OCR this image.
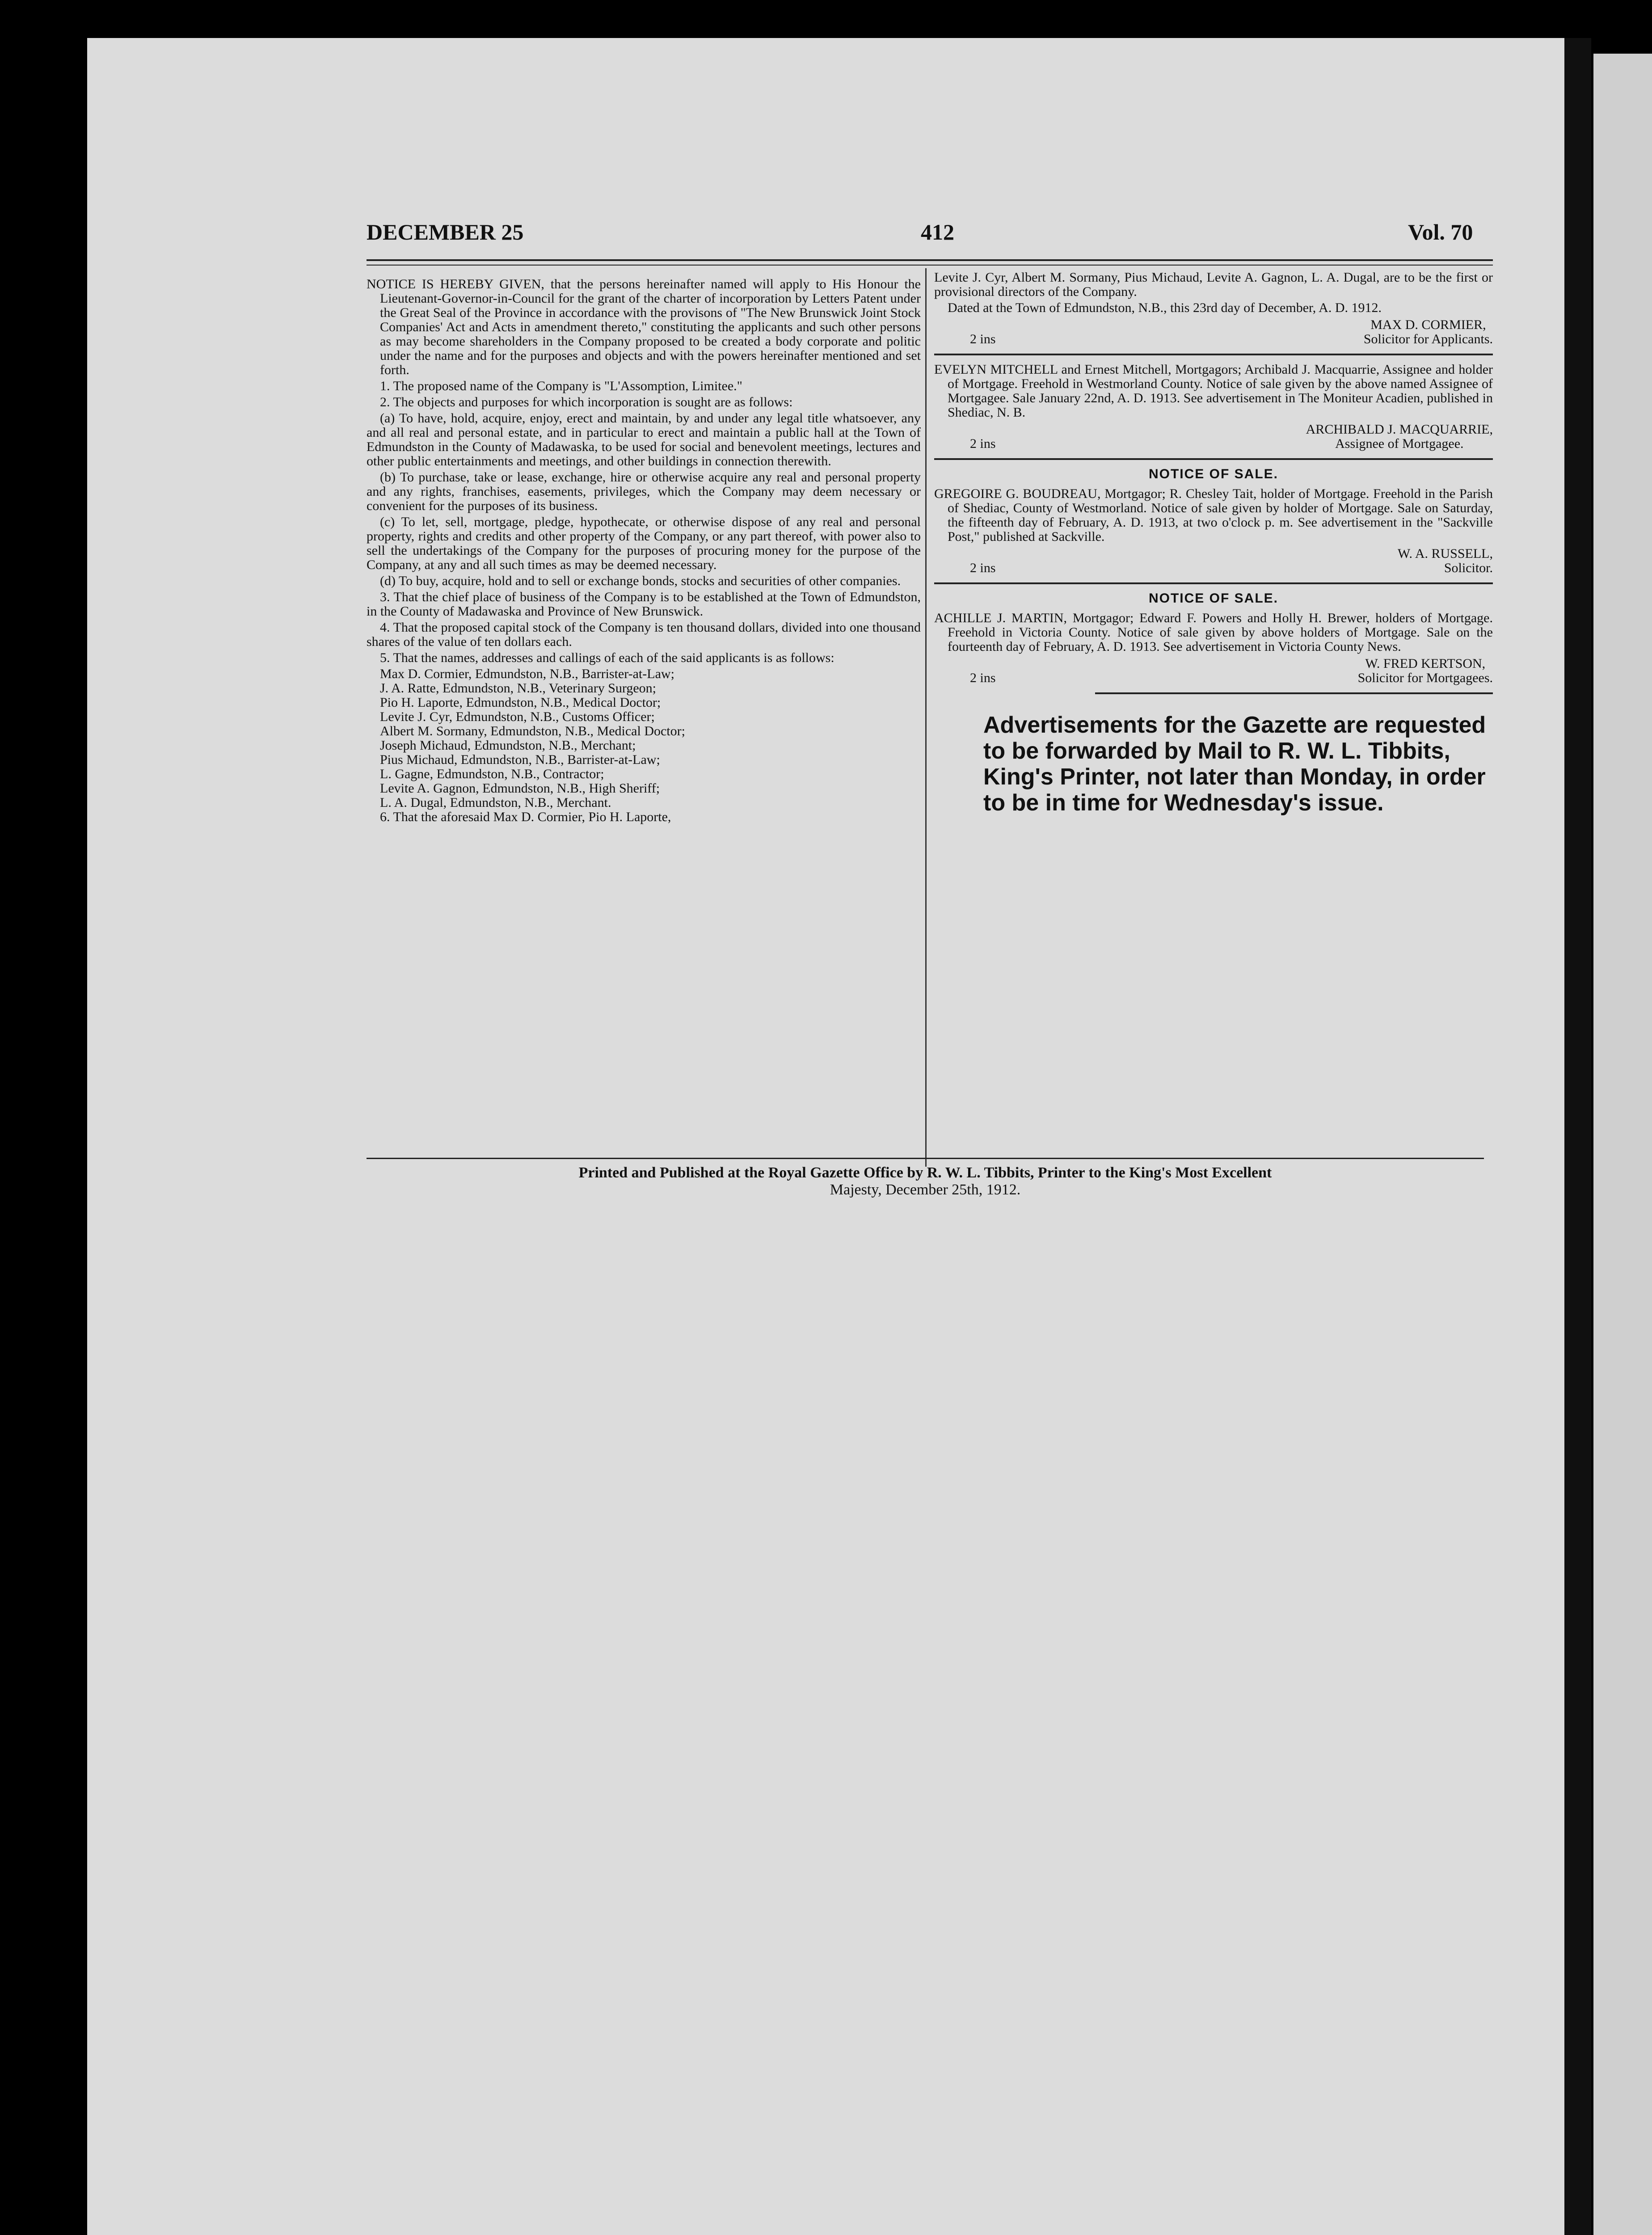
DECEMBER 25	412	Vol. 70

NOTICE IS HEREBY GIVEN, that the persons hereinafter named will apply to His Honour the Lieutenant-Governor-in-Council for the grant of the charter of incorporation by Letters Patent under the Great Seal of the Province in accordance with the provisons of "The New Brunswick Joint Stock Companies' Act and Acts in amendment thereto," constituting the applicants and such other persons as may become shareholders in the Company proposed to be created a body corporate and politic under the name and for the purposes and objects and with the powers hereinafter mentioned and set forth.

1. The proposed name of the Company is "L'Assomption, Limitee."

2. The objects and purposes for which incorporation is sought are as follows:

(a) To have, hold, acquire, enjoy, erect and maintain, by and under any legal title whatsoever, any and all real and personal estate, and in particular to erect and maintain a public hall at the Town of Edmundston in the County of Madawaska, to be used for social and benevolent meetings, lectures and other public entertainments and meetings, and other buildings in connection therewith.

(b) To purchase, take or lease, exchange, hire or otherwise acquire any real and personal property and any rights, franchises, easements, privileges, which the Company may deem necessary or convenient for the purposes of its business.

(c) To let, sell, mortgage, pledge, hypothecate, or otherwise dispose of any real and personal property, rights and credits and other property of the Company, or any part thereof, with power also to sell the undertakings of the Company for the purposes of procuring money for the purpose of the Company, at any and all such times as may be deemed necessary.

(d) To buy, acquire, hold and to sell or exchange bonds, stocks and securities of other companies.

3. That the chief place of business of the Company is to be established at the Town of Edmundston, in the County of Madawaska and Province of New Brunswick.

4. That the proposed capital stock of the Company is ten thousand dollars, divided into one thousand shares of the value of ten dollars each.

5. That the names, addresses and callings of each of the said applicants is as follows:

Max D. Cormier, Edmundston, N.B., Barrister-at-Law;
J. A. Ratte, Edmundston, N.B., Veterinary Surgeon;
Pio H. Laporte, Edmundston, N.B., Medical Doctor;
Levite J. Cyr, Edmundston, N.B., Customs Officer;
Albert M. Sormany, Edmundston, N.B., Medical Doctor;
Joseph Michaud, Edmundston, N.B., Merchant;
Pius Michaud, Edmundston, N.B., Barrister-at-Law;
L. Gagne, Edmundston, N.B., Contractor;
Levite A. Gagnon, Edmundston, N.B., High Sheriff;
L. A. Dugal, Edmundston, N.B., Merchant.

6. That the aforesaid Max D. Cormier, Pio H. Laporte,

Levite J. Cyr, Albert M. Sormany, Pius Michaud, Levite A. Gagnon, L. A. Dugal, are to be the first or provisional directors of the Company.

Dated at the Town of Edmundston, N.B., this 23rd day of December, A. D. 1912.

2 ins
MAX D. CORMIER,
Solicitor for Applicants.

EVELYN MITCHELL and Ernest Mitchell, Mortgagors; Archibald J. Macquarrie, Assignee and holder of Mortgage. Freehold in Westmorland County. Notice of sale given by the above named Assignee of Mortgagee. Sale January 22nd, A. D. 1913. See advertisement in The Moniteur Acadien, published in Shediac, N. B.

2 ins
ARCHIBALD J. MACQUARRIE,
Assignee of Mortgagee.
NOTICE OF SALE.

GREGOIRE G. BOUDREAU, Mortgagor; R. Chesley Tait, holder of Mortgage. Freehold in the Parish of Shediac, County of Westmorland. Notice of sale given by holder of Mortgage. Sale on Saturday, the fifteenth day of February, A. D. 1913, at two o'clock p. m. See advertisement in the "Sackville Post," published at Sackville.

2 ins
W. A. RUSSELL,
Solicitor.
NOTICE OF SALE.

ACHILLE J. MARTIN, Mortgagor; Edward F. Powers and Holly H. Brewer, holders of Mortgage. Freehold in Victoria County. Notice of sale given by above holders of Mortgage. Sale on the fourteenth day of February, A. D. 1913. See advertisement in Victoria County News.

2 ins
W. FRED KERTSON,
Solicitor for Mortgagees.
Advertisements for the Gazette are requested to be forwarded by Mail to R. W. L. Tibbits, King's Printer, not later than Monday, in order to be in time for Wednesday's issue.
Printed and Published at the Royal Gazette Office by R. W. L. Tibbits, Printer to the King's Most Excellent
Majesty, December 25th, 1912.
